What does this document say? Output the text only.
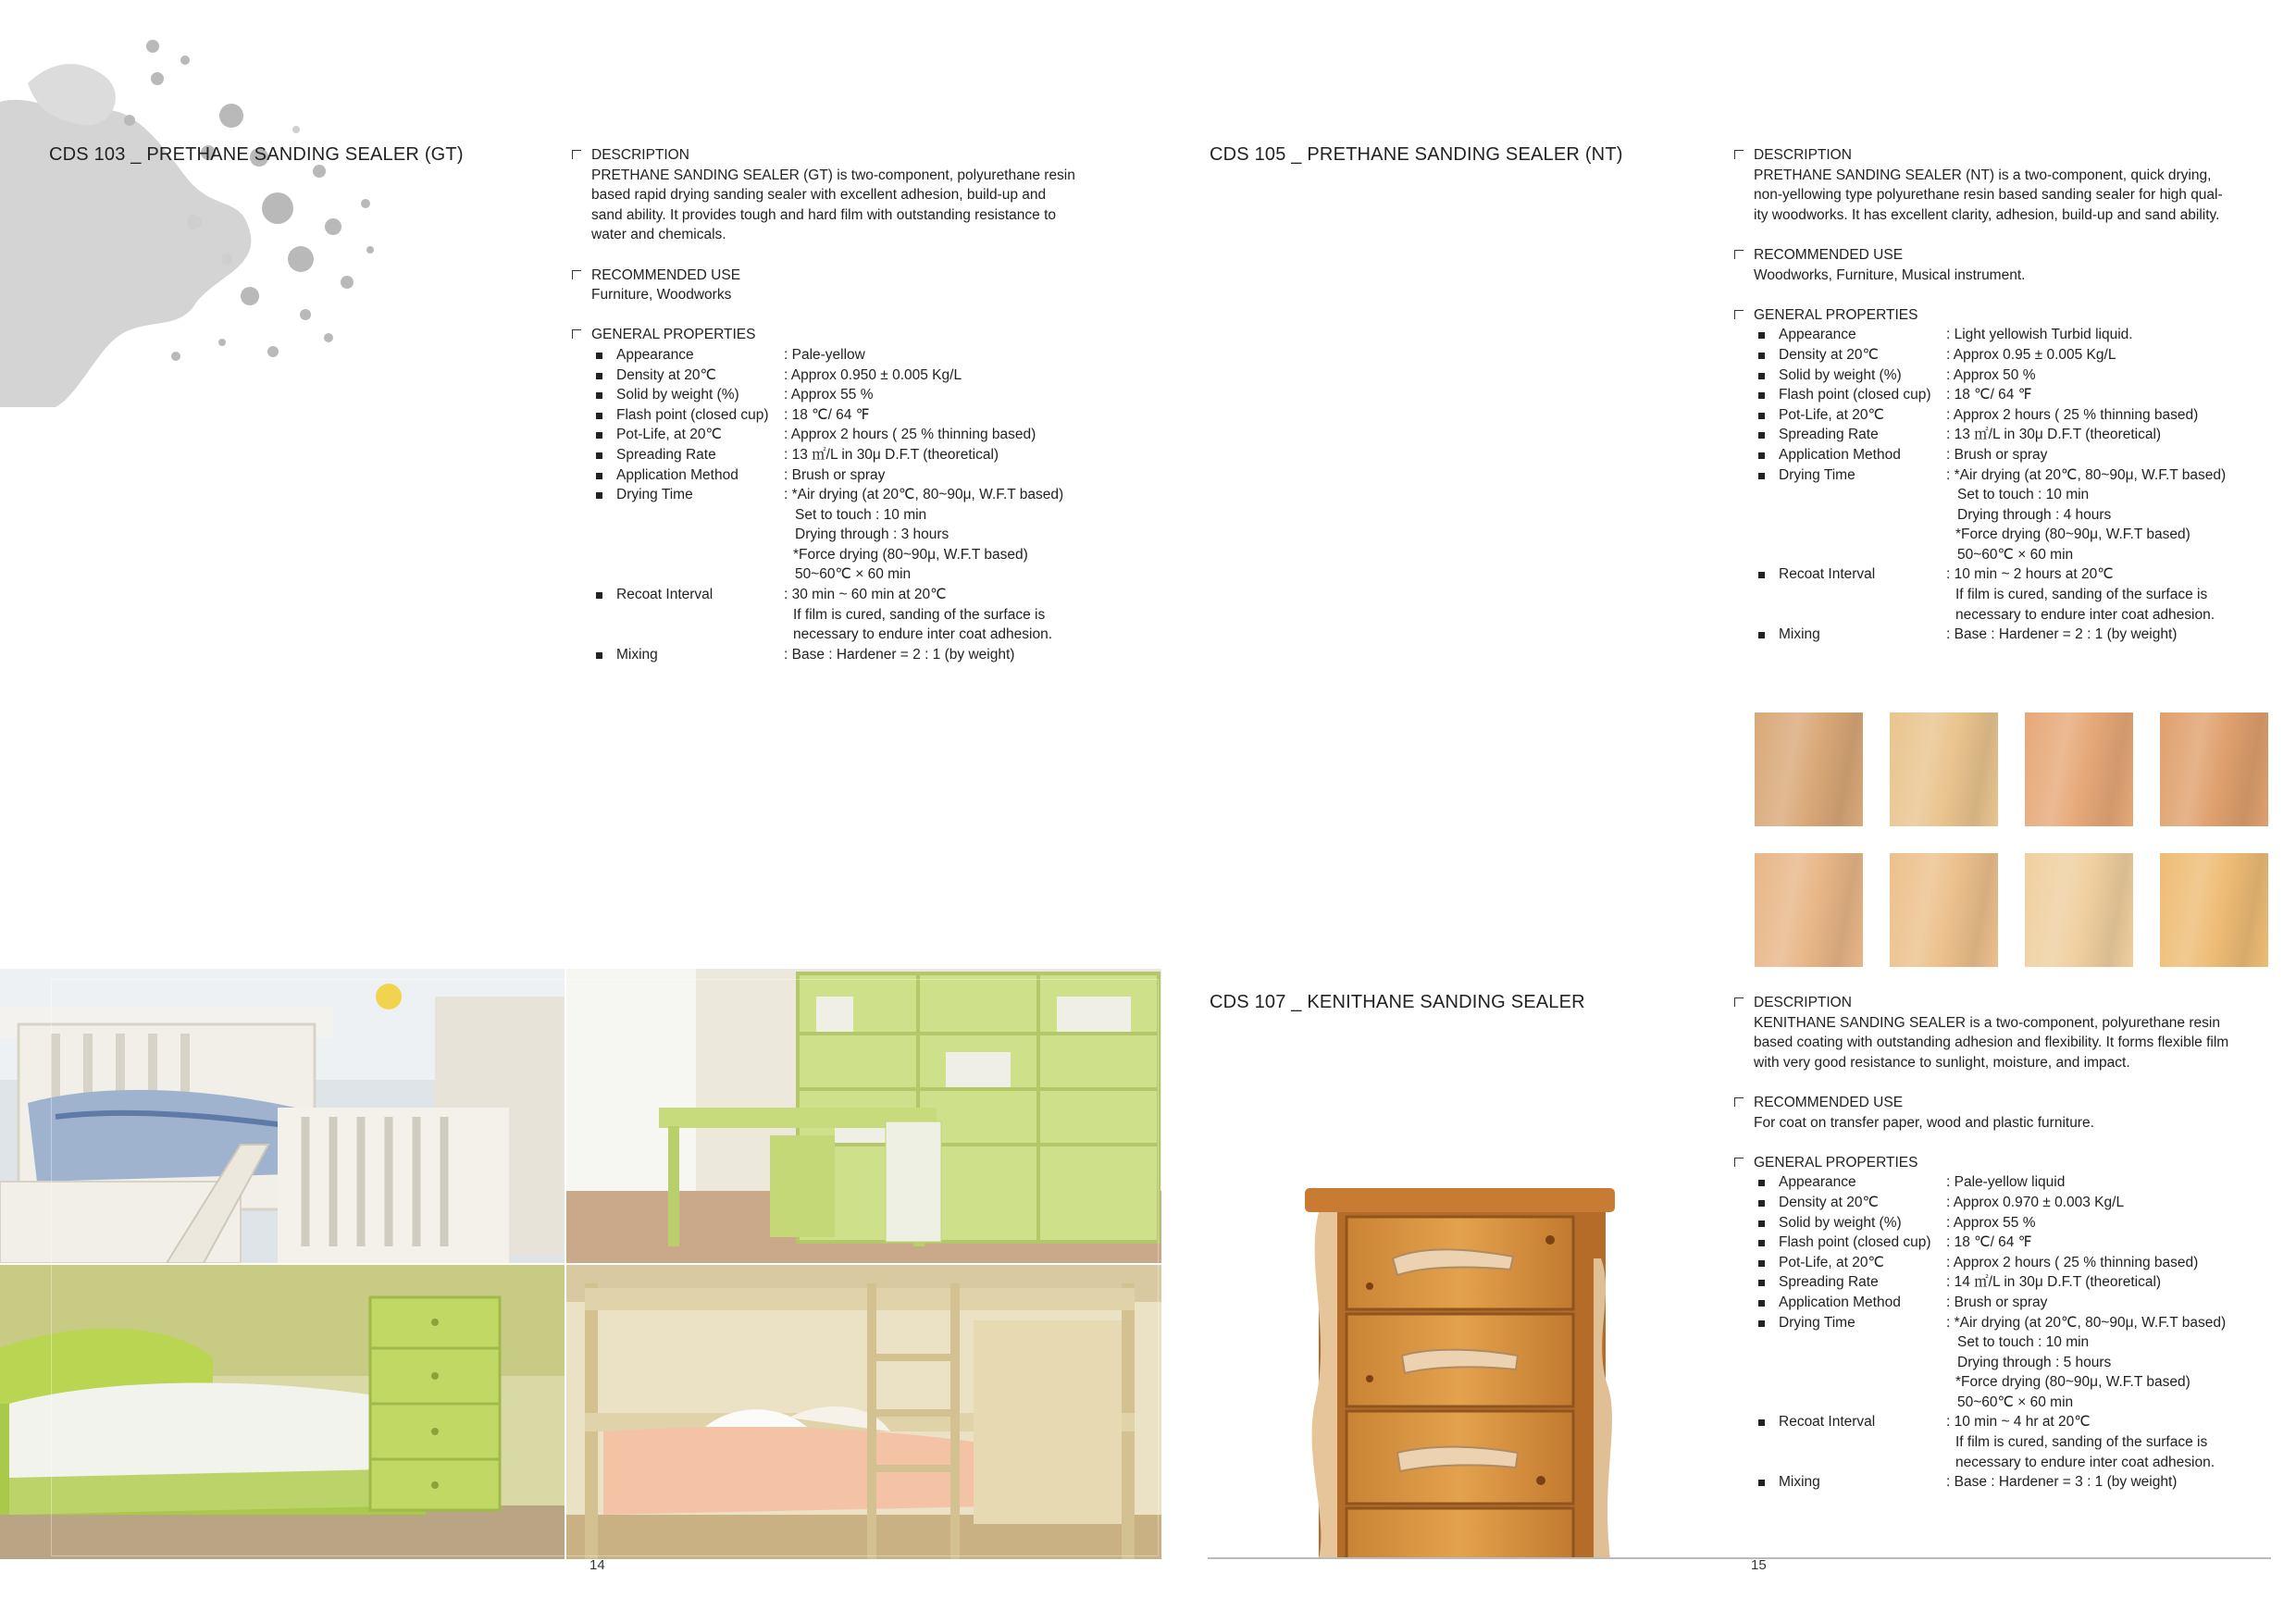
CDS 103 _ PRETHANE SANDING SEALER (GT)	DESCRIPTION
PRETHANE SANDING SEALER (GT) is two-component, polyurethane resin
based rapid drying sanding sealer with excellent adhesion, build-up and
sand ability. It provides tough and hard film with outstanding resistance to
water and chemicals.
RECOMMENDED USE
Furniture, Woodworks
GENERAL PROPERTIES
Appearance	: Pale-yellow
Density at 20℃	: Approx 0.950 ± 0.005 Kg/L
Solid by weight (%)	: Approx 55 %
Flash point (closed cup)	: 18 ℃/ 64 ℉
Pot-Life, at 20℃	: Approx 2 hours ( 25 % thinning based)
Spreading Rate	: 13 ㎡/L in 30μ D.F.T (theoretical)
Application Method	: Brush or spray
Drying Time	: *Air drying (at 20℃, 80~90μ, W.F.T based)
Set to touch : 10 min
Drying through : 3 hours
*Force drying (80~90μ, W.F.T based)
50~60℃ × 60 min
Recoat Interval	: 30 min ~ 60 min at 20℃
If film is cured, sanding of the surface is
necessary to endure inter coat adhesion.
Mixing	: Base : Hardener = 2 : 1 (by weight)
14
CDS 105 _ PRETHANE SANDING SEALER (NT)	DESCRIPTION
PRETHANE SANDING SEALER (NT) is a two-component, quick drying,
non-yellowing type polyurethane resin based sanding sealer for high qual-
ity woodworks. It has excellent clarity, adhesion, build-up and sand ability.
RECOMMENDED USE
Woodworks, Furniture, Musical instrument.
GENERAL PROPERTIES
Appearance	: Light yellowish Turbid liquid.
Density at 20℃	: Approx 0.95 ± 0.005 Kg/L
Solid by weight (%)	: Approx 50 %
Flash point (closed cup)	: 18 ℃/ 64 ℉
Pot-Life, at 20℃	: Approx 2 hours ( 25 % thinning based)
Spreading Rate	: 13 ㎡/L in 30μ D.F.T (theoretical)
Application Method	: Brush or spray
Drying Time	: *Air drying (at 20℃, 80~90μ, W.F.T based)
Set to touch : 10 min
Drying through : 4 hours
*Force drying (80~90μ, W.F.T based)
50~60℃ × 60 min
Recoat Interval	: 10 min ~ 2 hours at 20℃
If film is cured, sanding of the surface is
necessary to endure inter coat adhesion.
Mixing	: Base : Hardener = 2 : 1 (by weight)
CDS 107 _ KENITHANE SANDING SEALER	DESCRIPTION
KENITHANE SANDING SEALER is a two-component, polyurethane resin
based coating with outstanding adhesion and flexibility. It forms flexible film
with very good resistance to sunlight, moisture, and impact.
RECOMMENDED USE
For coat on transfer paper, wood and plastic furniture.
GENERAL PROPERTIES
Appearance	: Pale-yellow liquid
Density at 20℃	: Approx 0.970 ± 0.003 Kg/L
Solid by weight (%)	: Approx 55 %
Flash point (closed cup)	: 18 ℃/ 64 ℉
Pot-Life, at 20℃	: Approx 2 hours ( 25 % thinning based)
Spreading Rate	: 14 ㎡/L in 30μ D.F.T (theoretical)
Application Method	: Brush or spray
Drying Time	: *Air drying (at 20℃, 80~90μ, W.F.T based)
Set to touch : 10 min
Drying through : 5 hours
*Force drying (80~90μ, W.F.T based)
50~60℃ × 60 min
Recoat Interval	: 10 min ~ 4 hr at 20℃
If film is cured, sanding of the surface is
necessary to endure inter coat adhesion.
Mixing	: Base : Hardener = 3 : 1 (by weight)
15
